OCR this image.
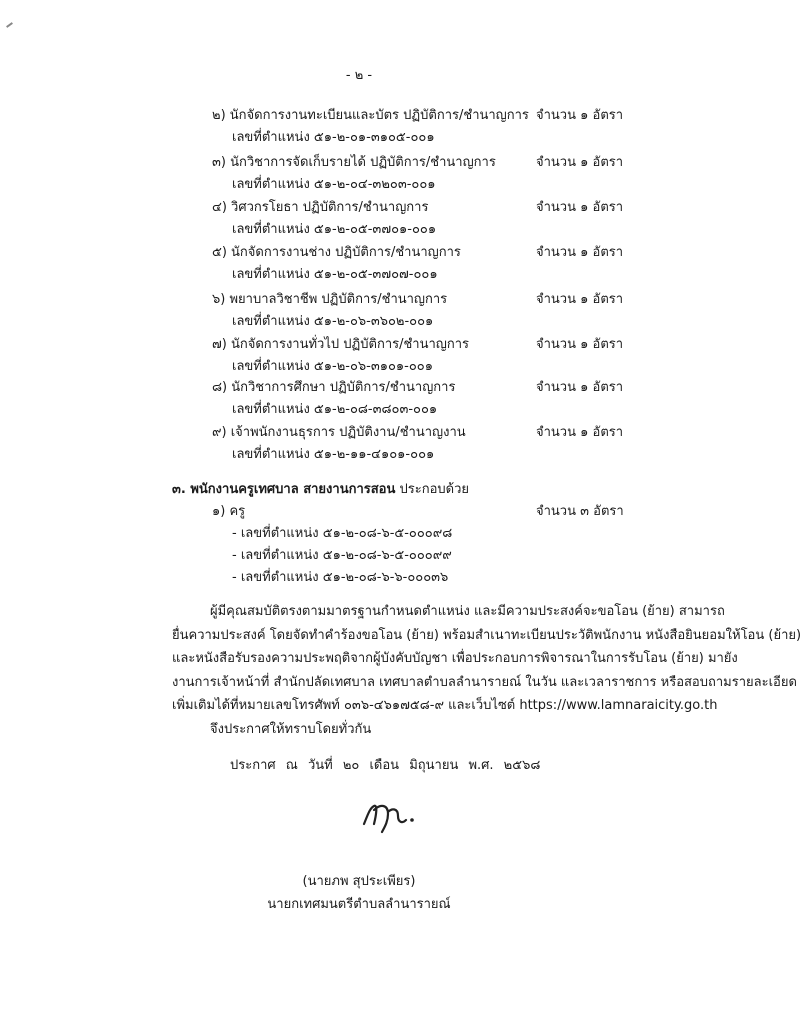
- ๒ -
๒) นักจัดการงานทะเบียนและบัตร ปฏิบัติการ/ชำนาญการ จำนวน ๑ อัตรา
เลขที่ตำแหน่ง ๕๑-๒-๐๑-๓๑๐๕-๐๐๑
๓) นักวิชาการจัดเก็บรายได้ ปฏิบัติการ/ชำนาญการ	จำนวน ๑ อัตรา
เลขที่ตำแหน่ง ๕๑-๒-๐๔-๓๒๐๓-๐๐๑
๔) วิศวกรโยธา ปฏิบัติการ/ชำนาญการ	จำนวน ๑ อัตรา
เลขที่ตำแหน่ง ๕๑-๒-๐๕-๓๗๐๑-๐๐๑
๕) นักจัดการงานช่าง ปฏิบัติการ/ชำนาญการ	จำนวน ๑ อัตรา
เลขที่ตำแหน่ง ๕๑-๒-๐๕-๓๗๐๗-๐๐๑
๖) พยาบาลวิชาชีพ ปฏิบัติการ/ชำนาญการ	จำนวน ๑ อัตรา
เลขที่ตำแหน่ง ๕๑-๒-๐๖-๓๖๐๒-๐๐๑
๗) นักจัดการงานทั่วไป ปฏิบัติการ/ชำนาญการ	จำนวน ๑ อัตรา
เลขที่ตำแหน่ง ๕๑-๒-๐๖-๓๑๐๑-๐๐๑
๘) นักวิชาการศึกษา ปฏิบัติการ/ชำนาญการ	จำนวน ๑ อัตรา
เลขที่ตำแหน่ง ๕๑-๒-๐๘-๓๘๐๓-๐๐๑
๙) เจ้าพนักงานธุรการ ปฏิบัติงาน/ชำนาญงาน	จำนวน ๑ อัตรา
เลขที่ตำแหน่ง ๕๑-๒-๑๑-๔๑๐๑-๐๐๑
๓. พนักงานครูเทศบาล สายงานการสอน ประกอบด้วย
๑) ครู	จำนวน ๓ อัตรา
- เลขที่ตำแหน่ง ๕๑-๒-๐๘-๖-๕-๐๐๐๙๘
- เลขที่ตำแหน่ง ๕๑-๒-๐๘-๖-๕-๐๐๐๙๙
- เลขที่ตำแหน่ง ๕๑-๒-๐๘-๖-๖-๐๐๐๓๖
ผู้มีคุณสมบัติตรงตามมาตรฐานกำหนดตำแหน่ง และมีความประสงค์จะขอโอน (ย้าย) สามารถ
ยื่นความประสงค์ โดยจัดทำคำร้องขอโอน (ย้าย) พร้อมสำเนาทะเบียนประวัติพนักงาน หนังสือยินยอมให้โอน (ย้าย)
และหนังสือรับรองความประพฤติจากผู้บังคับบัญชา เพื่อประกอบการพิจารณาในการรับโอน (ย้าย) มายัง
งานการเจ้าหน้าที่ สำนักปลัดเทศบาล เทศบาลตำบลลำนารายณ์ ในวัน และเวลาราชการ หรือสอบถามรายละเอียด
เพิ่มเติมได้ที่หมายเลขโทรศัพท์ ๐๓๖-๔๖๑๗๕๘-๙ และเว็บไซต์ https://www.lamnaraicity.go.th
จึงประกาศให้ทราบโดยทั่วกัน
ประกาศ ณ วันที่ ๒๐ เดือน มิถุนายน พ.ศ. ๒๕๖๘
(นายภพ สุประเพียร)
นายกเทศมนตรีตำบลลำนารายณ์
